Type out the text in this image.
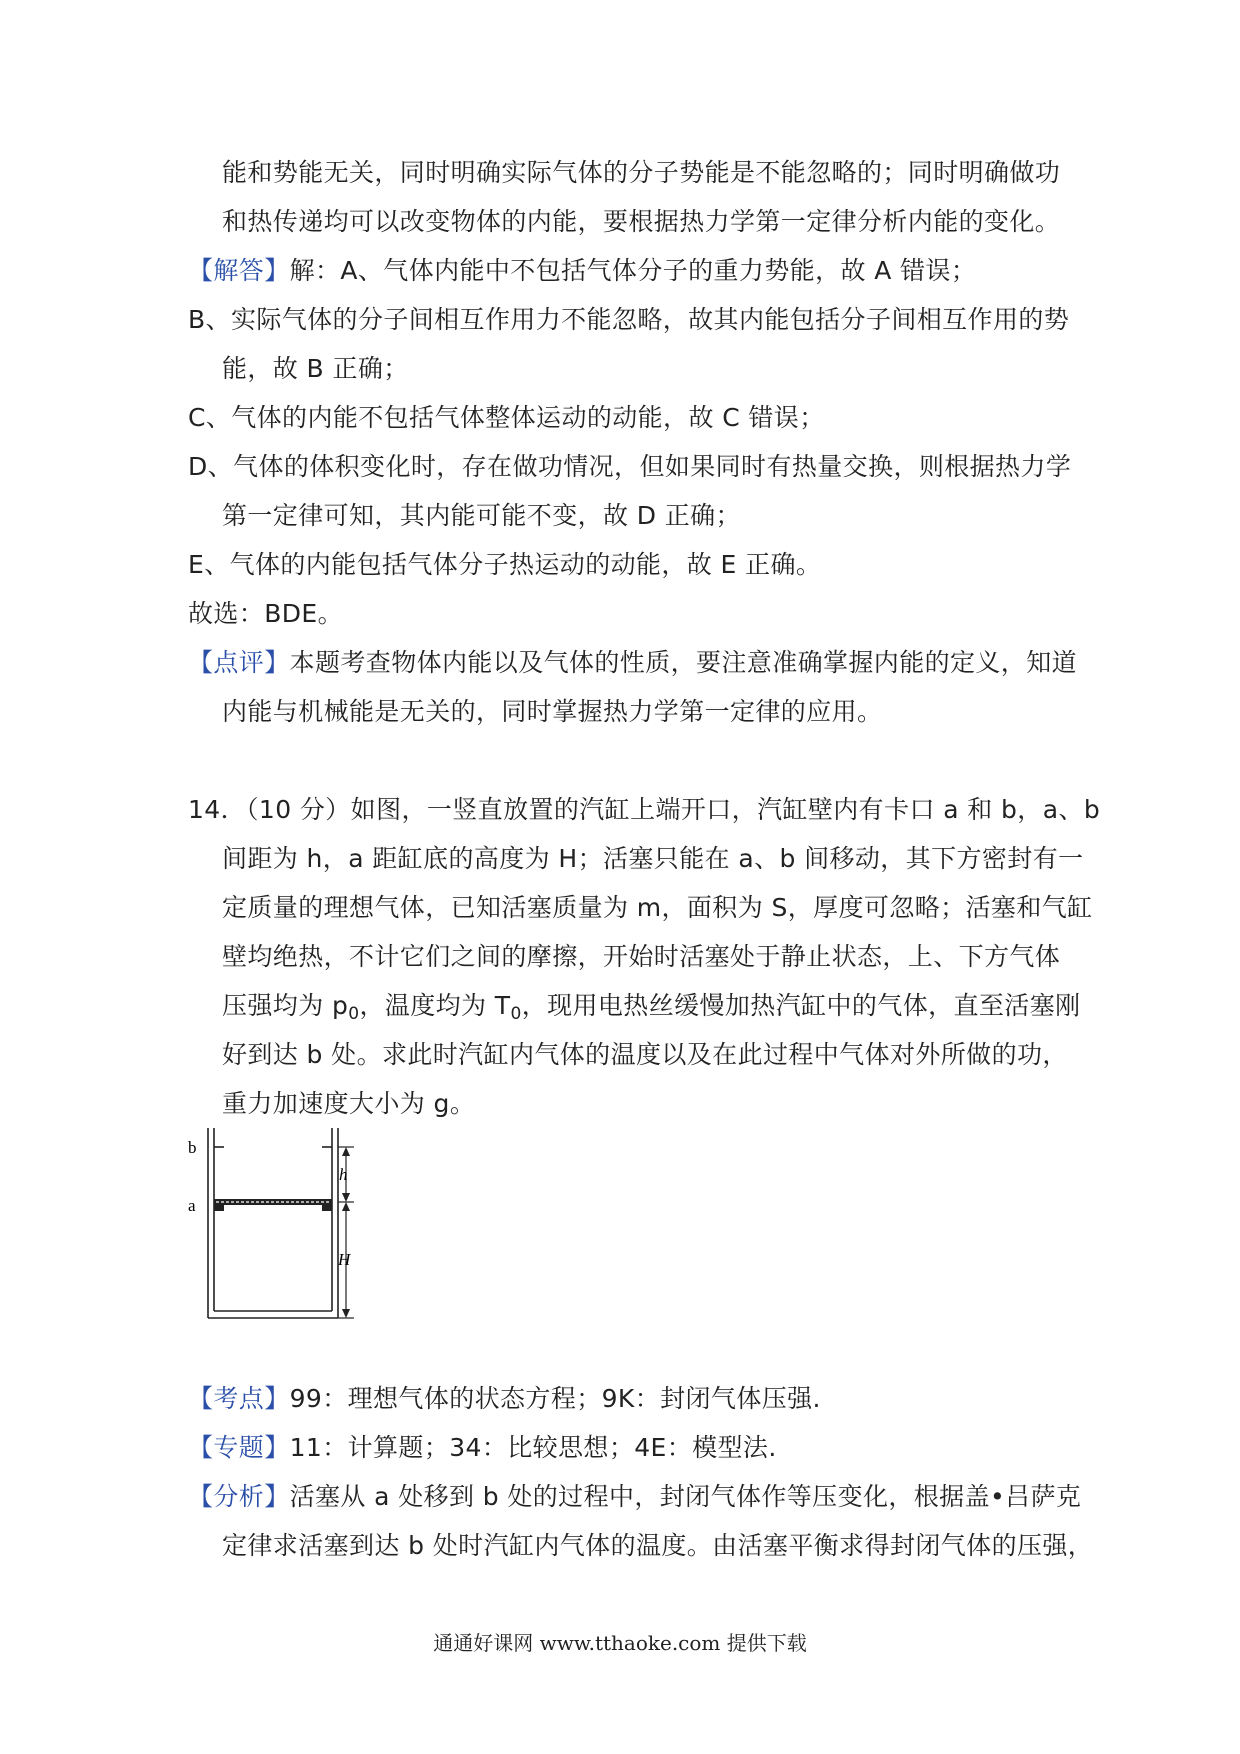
能和势能无关，同时明确实际气体的分子势能是不能忽略的；同时明确做功
和热传递均可以改变物体的内能，要根据热力学第一定律分析内能的变化。
【解答】解：A、气体内能中不包括气体分子的重力势能，故 A 错误；
B、实际气体的分子间相互作用力不能忽略，故其内能包括分子间相互作用的势
能，故 B 正确；
C、气体的内能不包括气体整体运动的动能，故 C 错误；
D、气体的体积变化时，存在做功情况，但如果同时有热量交换，则根据热力学
第一定律可知，其内能可能不变，故 D 正确；
E、气体的内能包括气体分子热运动的动能，故 E 正确。
故选：BDE。
【点评】本题考查物体内能以及气体的性质，要注意准确掌握内能的定义，知道
内能与机械能是无关的，同时掌握热力学第一定律的应用。
14．（10 分）如图，一竖直放置的汽缸上端开口，汽缸壁内有卡口 a 和 b，a、b
间距为 h，a 距缸底的高度为 H；活塞只能在 a、b 间移动，其下方密封有一
定质量的理想气体，已知活塞质量为 m，面积为 S，厚度可忽略；活塞和气缸
壁均绝热，不计它们之间的摩擦，开始时活塞处于静止状态，上、下方气体
压强均为 $p_0$，温度均为 $T_0$，现用电热丝缓慢加热汽缸中的气体，直至活塞刚
好到达 b 处。求此时汽缸内气体的温度以及在此过程中气体对外所做的功，
重力加速度大小为 g。
b
a
h
H
【考点】99：理想气体的状态方程；9K：封闭气体压强.
【专题】11：计算题；34：比较思想；4E：模型法.
【分析】活塞从 a 处移到 b 处的过程中，封闭气体作等压变化，根据盖•吕萨克
定律求活塞到达 b 处时汽缸内气体的温度。由活塞平衡求得封闭气体的压强，
通通好课网 www.tthaoke.com 提供下载
